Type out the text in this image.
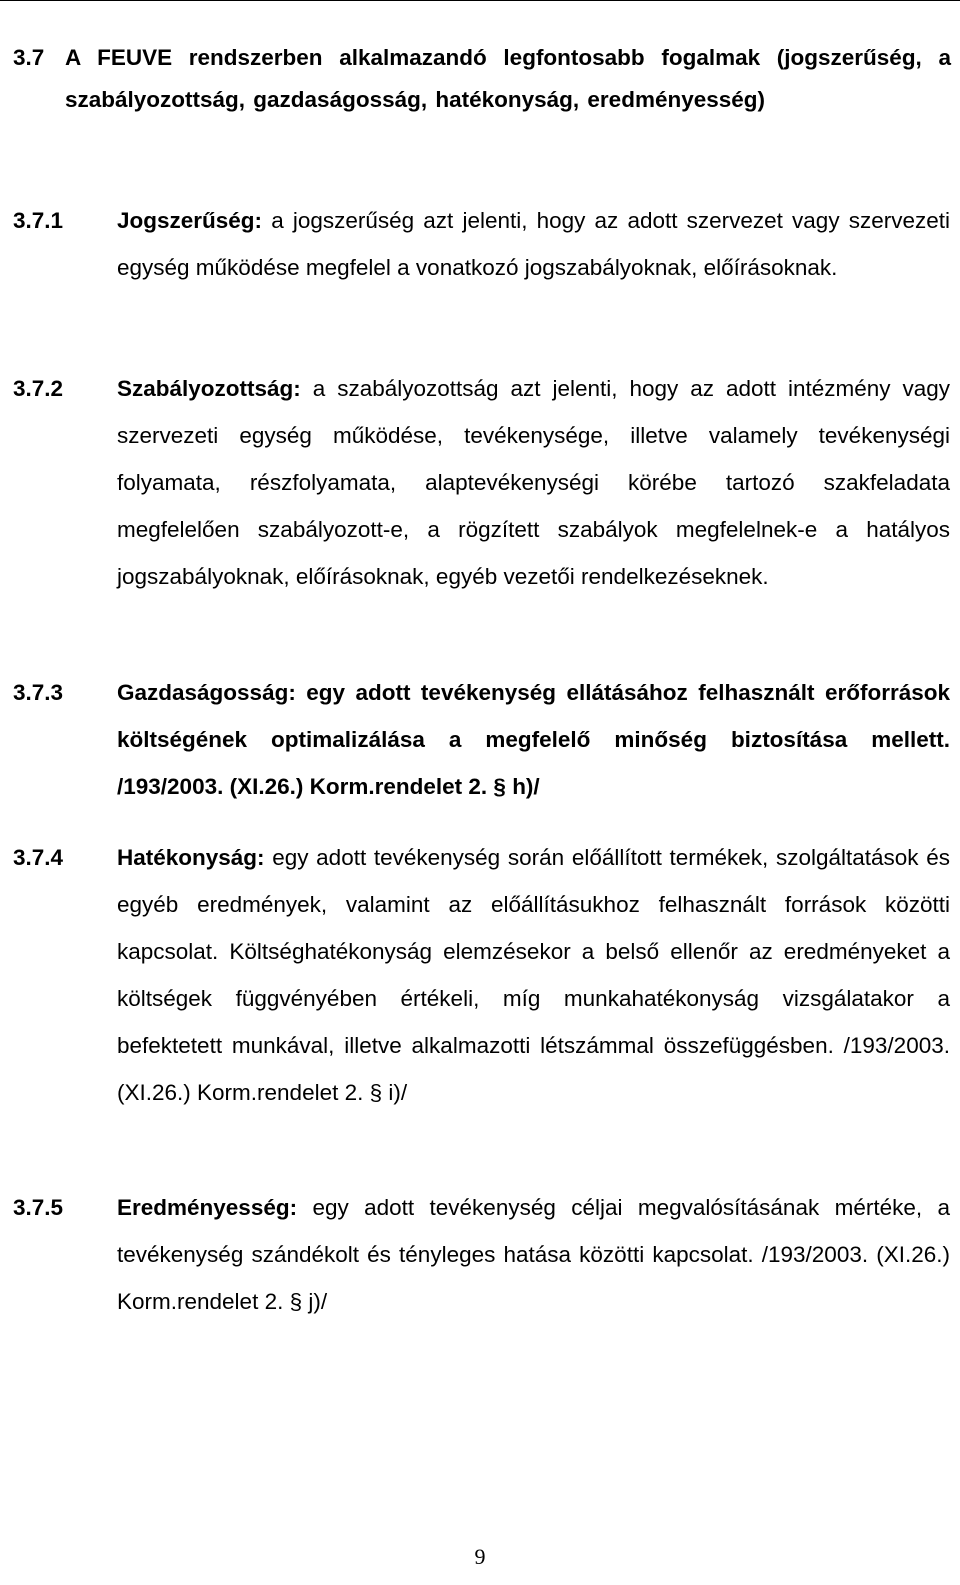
3.7 A FEUVE rendszerben alkalmazandó legfontosabb fogalmak (jogszerűség, a szabályozottság, gazdaságosság, hatékonyság, eredményesség)
3.7.1 Jogszerűség: a jogszerűség azt jelenti, hogy az adott szervezet vagy szervezeti egység működése megfelel a vonatkozó jogszabályoknak, előírásoknak.
3.7.2 Szabályozottság: a szabályozottság azt jelenti, hogy az adott intézmény vagy szervezeti egység működése, tevékenysége, illetve valamely tevékenységi folyamata, részfolyamata, alaptevékenységi körébe tartozó szakfeladata megfelelően szabályozott-e, a rögzített szabályok megfelelnek-e a hatályos jogszabályoknak, előírásoknak, egyéb vezetői rendelkezéseknek.
3.7.3 Gazdaságosság: egy adott tevékenység ellátásához felhasznált erőforrások költségének optimalizálása a megfelelő minőség biztosítása mellett. /193/2003. (XI.26.) Korm.rendelet 2. § h)/
3.7.4 Hatékonyság: egy adott tevékenység során előállított termékek, szolgáltatások és egyéb eredmények, valamint az előállításukhoz felhasznált források közötti kapcsolat. Költséghatékonyság elemzésekor a belső ellenőr az eredményeket a költségek függvényében értékeli, míg munkahatékonyság vizsgálatakor a befektetett munkával, illetve alkalmazotti létszámmal összefüggésben. /193/2003. (XI.26.) Korm.rendelet 2. § i)/
3.7.5 Eredményesség: egy adott tevékenység céljai megvalósításának mértéke, a tevékenység szándékolt és tényleges hatása közötti kapcsolat. /193/2003. (XI.26.) Korm.rendelet 2. § j)/
9
